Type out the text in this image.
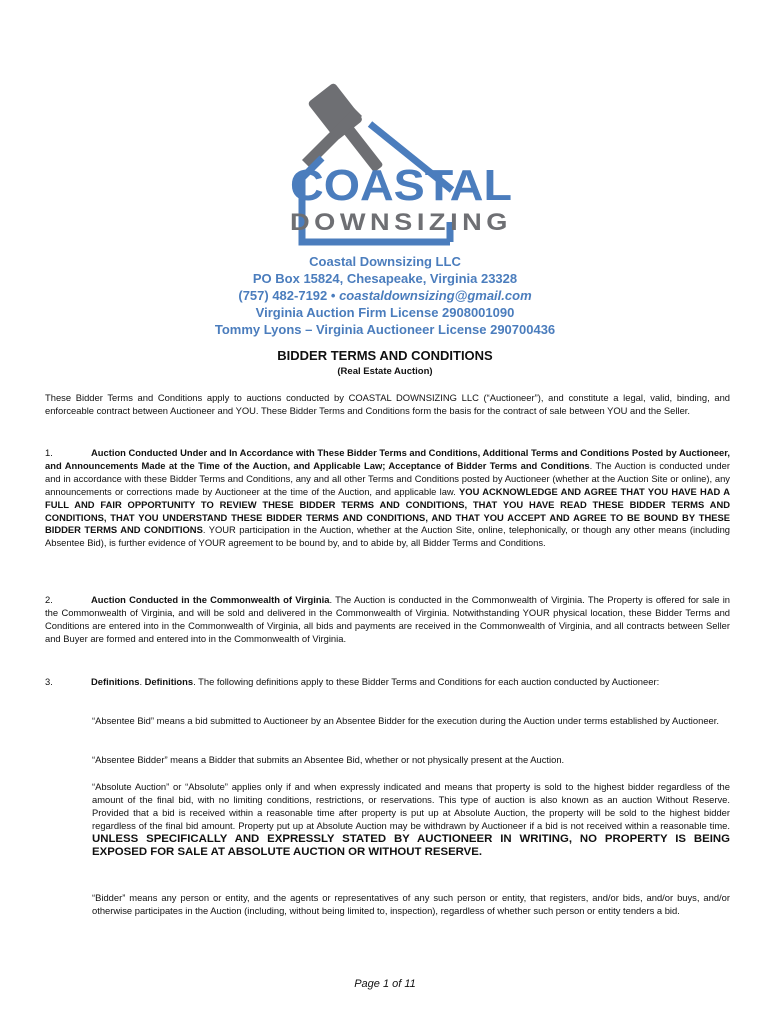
COASTAL
DOWNSIZING
Coastal Downsizing LLC
PO Box 15824, Chesapeake, Virginia 23328
(757) 482-7192 • coastaldownsizing@gmail.com
Virginia Auction Firm License 2908001090
Tommy Lyons – Virginia Auctioneer License 290700436
BIDDER TERMS AND CONDITIONS
(Real Estate Auction)

These Bidder Terms and Conditions apply to auctions conducted by COASTAL DOWNSIZING LLC (“Auctioneer”), and constitute a legal, valid, binding, and enforceable contract between Auctioneer and YOU. These Bidder Terms and Conditions form the basis for the contract of sale between YOU and the Seller.

1.	Auction Conducted Under and In Accordance with These Bidder Terms and Conditions, Additional Terms and Conditions Posted by Auctioneer, and Announcements Made at the Time of the Auction, and Applicable Law; Acceptance of Bidder Terms and Conditions. The Auction is conducted under and in accordance with these Bidder Terms and Conditions, any and all other Terms and Conditions posted by Auctioneer (whether at the Auction Site or online), any announcements or corrections made by Auctioneer at the time of the Auction, and applicable law. YOU ACKNOWLEDGE AND AGREE THAT YOU HAVE HAD A FULL AND FAIR OPPORTUNITY TO REVIEW THESE BIDDER TERMS AND CONDITIONS, THAT YOU HAVE READ THESE BIDDER TERMS AND CONDITIONS, THAT YOU UNDERSTAND THESE BIDDER TERMS AND CONDITIONS, AND THAT YOU ACCEPT AND AGREE TO BE BOUND BY THESE BIDDER TERMS AND CONDITIONS. YOUR participation in the Auction, whether at the Auction Site, online, telephonically, or though any other means (including Absentee Bid), is further evidence of YOUR agreement to be bound by, and to abide by, all Bidder Terms and Conditions.

2.	Auction Conducted in the Commonwealth of Virginia. The Auction is conducted in the Commonwealth of Virginia. The Property is offered for sale in the Commonwealth of Virginia, and will be sold and delivered in the Commonwealth of Virginia. Notwithstanding YOUR physical location, these Bidder Terms and Conditions are entered into in the Commonwealth of Virginia, all bids and payments are received in the Commonwealth of Virginia, and all contracts between Seller and Buyer are formed and entered into in the Commonwealth of Virginia.

3.	Definitions. Definitions. The following definitions apply to these Bidder Terms and Conditions for each auction conducted by Auctioneer:

“Absentee Bid” means a bid submitted to Auctioneer by an Absentee Bidder for the execution during the Auction under terms established by Auctioneer.

“Absentee Bidder” means a Bidder that submits an Absentee Bid, whether or not physically present at the Auction.

“Absolute Auction” or “Absolute” applies only if and when expressly indicated and means that property is sold to the highest bidder regardless of the amount of the final bid, with no limiting conditions, restrictions, or reservations. This type of auction is also known as an auction Without Reserve. Provided that a bid is received within a reasonable time after property is put up at Absolute Auction, the property will be sold to the highest bidder regardless of the final bid amount. Property put up at Absolute Auction may be withdrawn by Auctioneer if a bid is not received within a reasonable time. UNLESS SPECIFICALLY AND EXPRESSLY STATED BY AUCTIONEER IN WRITING, NO PROPERTY IS BEING EXPOSED FOR SALE AT ABSOLUTE AUCTION OR WITHOUT RESERVE.

“Bidder” means any person or entity, and the agents or representatives of any such person or entity, that registers, and/or bids, and/or buys, and/or otherwise participates in the Auction (including, without being limited to, inspection), regardless of whether such person or entity tenders a bid.

Page 1 of 11
